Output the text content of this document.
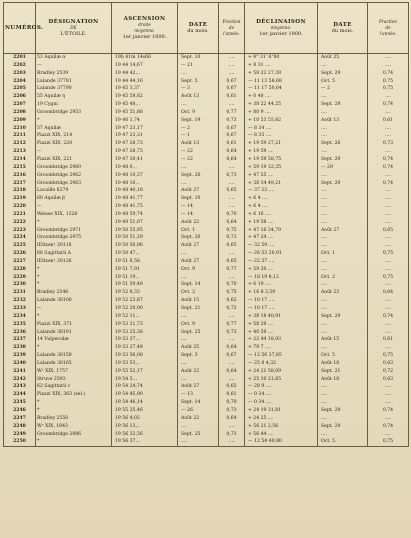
NUMÉROS.	DÉSIGNATION
DE
L'ÉTOILE.	ASCENSION
droite
moyenne.
1er janvier 1800.	DATE
du mois.	Fraction
de
l'année.	DÉCLINAISON
moyenne.
1er janvier 1800.	DATE
du mois.	Fraction
de
l'année.

2201	53 Aquilæ α	19h 41m 14s66	Sept. 10	....	+ 8° 31' 6"80	Août 25	....
2202	—	19 44 14,67	— 21	....	+ 8 31 ....	....	....
2203	Bradley 2539	19 44 42,..	....	....	+ 58 22 27,39	Sept. 29	0,74
2204	Lalande 37781	19 44 44,16	Sept. 5	0,67	— 11 13 58,68	Oct. 5	0,75
2205	Lalande 37790	19 45 3,37	— 3	0,67	— 11 17 50,64	— 2	0,75
2206	55 Aquilæ η	19 45 58,82	Août 13	0,61	+ 0 40 ....	....	....
2207	19 Cygni	19 45 48,..	....	....	+ 38 22 44,25	Sept. 29	0,74
2208	Groombridge 2953	19 45 51,86	Oct. 9	0,77	+ 80 9 ....	....	....
2209	*	19 46 1,74	Sept. 19	0,73	+ 10 53 55,82	Août 13	0,61
2210	57 Aquilæ	19 47 23,17	— 2	0,67	— 8 34 ....	....	....
2211	Piazzi XIX, 214	19 47 23,31	— 1	0,67	— 8 35 ....	....	....
2212	Piazzi XIX, 220	19 47 28,73	Août 13	0,61	+ 19 59 27,21	Sept. 26	0,73
2213	—	19 47 28,75	— 22	0,64	+ 19 59 ....	....	....
2214	Piazzi XIX, 221	19 47 30,41	— 22	0,64	+ 19 59 58,75	Sept. 29	0,74
2215	Groombridge 2960	19 48 0,..	....	....	+ 59 19 32,35	— 29	0,74
2216	Groombridge 2962	19 48 10,37	Sept. 26	0,73	+ 47 55 ....	....	....
2217	Groombridge 2963	19 48 16,..	....	....	+ 38 34 49,21	Sept. 29	0,74
2218	Lacaille 8279	19 48 40,18	Août 27	0,65	— 37 23 ....	....	....
2219	60 Aquilæ β	19 48 41,77	Sept. 10	....	+ 6 4 ....	....	....
2220	—	19 48 41,75	— 14	....	+ 6 4 ....	....	....
2221	Weisse XIX, 1226	19 48 59,74	— 14	0,70	+ 6 16 ....	....	....
2222	*	19 49 51,07	Août 22	0,64	+ 19 58 ....	....	....
2223	Groombridge 2971	19 50 55,95	Oct. 1	0,75	+ 47 16 34,79	Août 27	0,65
2224	Groombridge 2975	19 50 51,29	Sept. 26	0,73	+ 47 24 ....	....	....
2225	Œltzen¹ 20116	19 50 56,06	Août 27	0,65	— 32 59 ....	....	....
2226	60 Sagittarii A	19 50 47,..	....	....	— 26 53 20,91	Oct. 1	0,75
2227	Œltzen¹ 20126	19 51 6,58	Août 27	0,65	— 22 37 ....	....	....
2228	*	19 51 7,91	Oct. 9	0,77	+ 59 20 ....	....	....
2229	*	19 51 19,..	....	....	— 18 19 8,12	Oct. 2	0,75
2230	*	19 51 59,49	Sept. 14	0,70	+ 6 19 ....	....	....
2231	Bradley 2546	19 52 8,33	Oct. 2	0,75	+ 16 8 3,59	Août 23	0,64
2232	Lalande 38100	19 52 23,87	Août 15	0,62	— 10 17 ....	....	....
2233	—	19 52 20,00	Sept. 21	0,72	— 10 17 ....	....	....
2234	*	19 52 11,..	....	....	+ 38 18 40,91	Sept. 29	0,74
2235	Piazzi XIX, 371	19 53 21,73	Oct. 9	0,77	+ 58 29 ....	....	....
2236	Lalande 38191	19 53 25,38	Sept. 25	0,73	+ 40 59 ....	....	....
2237	14 Vulpeculæ	19 53 37,..	....	....	+ 22 44 18,93	Août 15	0,61
2238	*	19 53 27,48	Août 25	0,64	+ 79 7 ....	....	....
2239	Lalande 38159	19 53 56,08	Sept. 3	0,67	— 12 56 37,85	Oct. 5	0,75
2240	Lalande 38165	19 53 53,..	....	....	— 25 8 4,32	Août 18	0,63
2241	Wᵉ XIX, 1757	19 55 52,17	Août 22	0,64	+ 24 21 58,09	Sept. 21	0,72
2242	Struve 2593	19 54 5,..	....	....	+ 25 10 21,65	Août 18	0,63
2243	62 Sagittarii c	19 54 24,74	Août 27	0,65	— 28 9 ....	....	....
2244	Piazzi XIX, 363 (sel.)	19 54 45,90	— 13	0,61	— 0 34 ....	....	....
2245	*	19 54 46,14	Sept. 14	0,70	— 0 34 ....	....	....
2246	*	19 55 35,46	— 26	0,73	+ 24 19 31,81	Sept. 29	0,74
2247	Bradley 2550	19 56 4,02	Août 22	0,64	+ 24 25 ....	....	....
2248	Wᵉ XIX, 1843	19 56 13,..	....	....	+ 56 21 2,56	Sept. 29	0,74
2249	Groombridge 2986	19 56 32,56	Sept. 25	0,73	+ 56 44 ....	....	....
2250	*	19 56 37,..	....	....	— 12 54 40,80	Oct. 5	0,75
